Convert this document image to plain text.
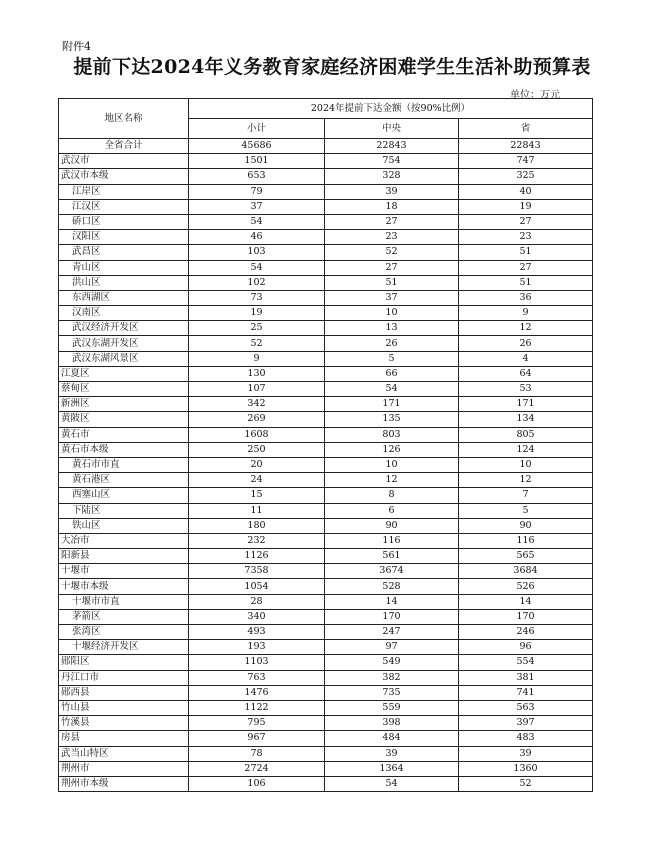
附件4
提前下达2024年义务教育家庭经济困难学生生活补助预算表
单位：万元
地区名称	2024年提前下达金额（按90%比例）		
	小计	中央	省
全省合计	45686	22843	22843
武汉市	1501	754	747
武汉市本级	653	328	325
江岸区	79	39	40
江汉区	37	18	19
硚口区	54	27	27
汉阳区	46	23	23
武昌区	103	52	51
青山区	54	27	27
洪山区	102	51	51
东西湖区	73	37	36
汉南区	19	10	9
武汉经济开发区	25	13	12
武汉东湖开发区	52	26	26
武汉东湖风景区	9	5	4
江夏区	130	66	64
蔡甸区	107	54	53
新洲区	342	171	171
黄陂区	269	135	134
黄石市	1608	803	805
黄石市本级	250	126	124
黄石市市直	20	10	10
黄石港区	24	12	12
西塞山区	15	8	7
下陆区	11	6	5
铁山区	180	90	90
大冶市	232	116	116
阳新县	1126	561	565
十堰市	7358	3674	3684
十堰市本级	1054	528	526
十堰市市直	28	14	14
茅箭区	340	170	170
张湾区	493	247	246
十堰经济开发区	193	97	96
郧阳区	1103	549	554
丹江口市	763	382	381
郧西县	1476	735	741
竹山县	1122	559	563
竹溪县	795	398	397
房县	967	484	483
武当山特区	78	39	39
荆州市	2724	1364	1360
荆州市本级	106	54	52
